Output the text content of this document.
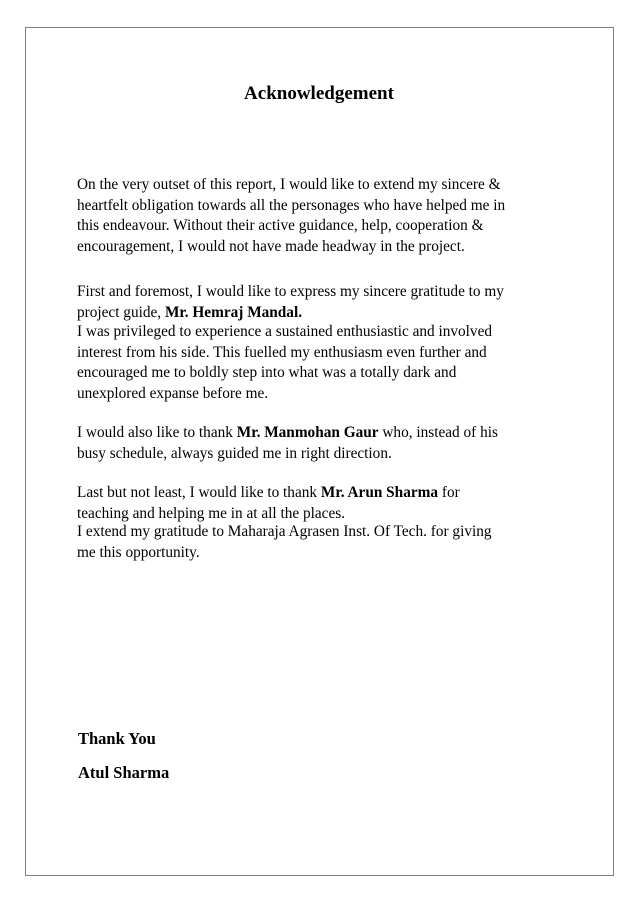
Acknowledgement
On the very outset of this report, I would like to extend my sincere &
heartfelt obligation towards all the personages who have helped me in
this endeavour. Without their active guidance, help, cooperation &
encouragement, I would not have made headway in the project.
First and foremost, I would like to express my sincere gratitude to my
project guide, Mr. Hemraj Mandal.
I was privileged to experience a sustained enthusiastic and involved
interest from his side. This fuelled my enthusiasm even further and
encouraged me to boldly step into what was a totally dark and
unexplored expanse before me.
I would also like to thank Mr. Manmohan Gaur who, instead of his
busy schedule, always guided me in right direction.
Last but not least, I would like to thank Mr. Arun Sharma for
teaching and helping me in at all the places.
I extend my gratitude to Maharaja Agrasen Inst. Of Tech. for giving
me this opportunity.
Thank You
Atul Sharma
